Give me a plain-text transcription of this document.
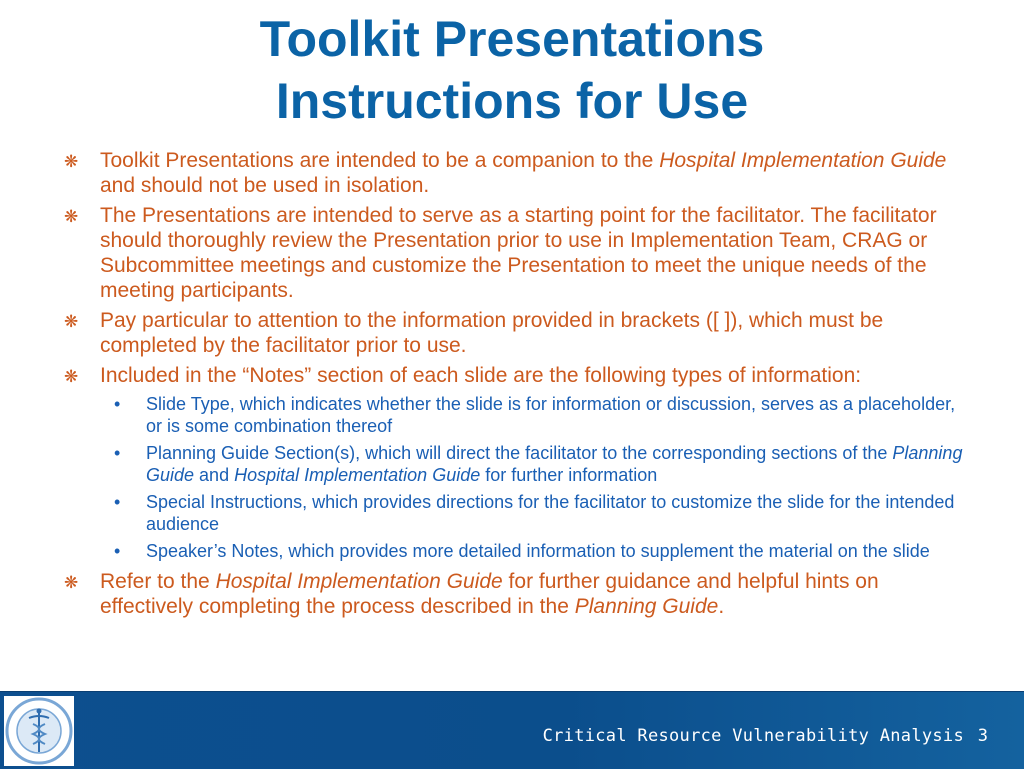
Toolkit Presentations
Instructions for Use

❋ Toolkit Presentations are intended to be a companion to the Hospital Implementation Guide and should not be used in isolation.

❋ The Presentations are intended to serve as a starting point for the facilitator. The facilitator should thoroughly review the Presentation prior to use in Implementation Team, CRAG or Subcommittee meetings and customize the Presentation to meet the unique needs of the meeting participants.

❋ Pay particular to attention to the information provided in brackets ([ ]), which must be completed by the facilitator prior to use.

❋ Included in the “Notes” section of each slide are the following types of information:

• Slide Type, which indicates whether the slide is for information or discussion, serves as a placeholder, or is some combination thereof

• Planning Guide Section(s), which will direct the facilitator to the corresponding sections of the Planning Guide and Hospital Implementation Guide for further information

• Special Instructions, which provides directions for the facilitator to customize the slide for the intended audience

• Speaker’s Notes, which provides more detailed information to supplement the material on the slide

❋ Refer to the Hospital Implementation Guide for further guidance and helpful hints on effectively completing the process described in the Planning Guide.

Critical Resource Vulnerability Analysis 3
